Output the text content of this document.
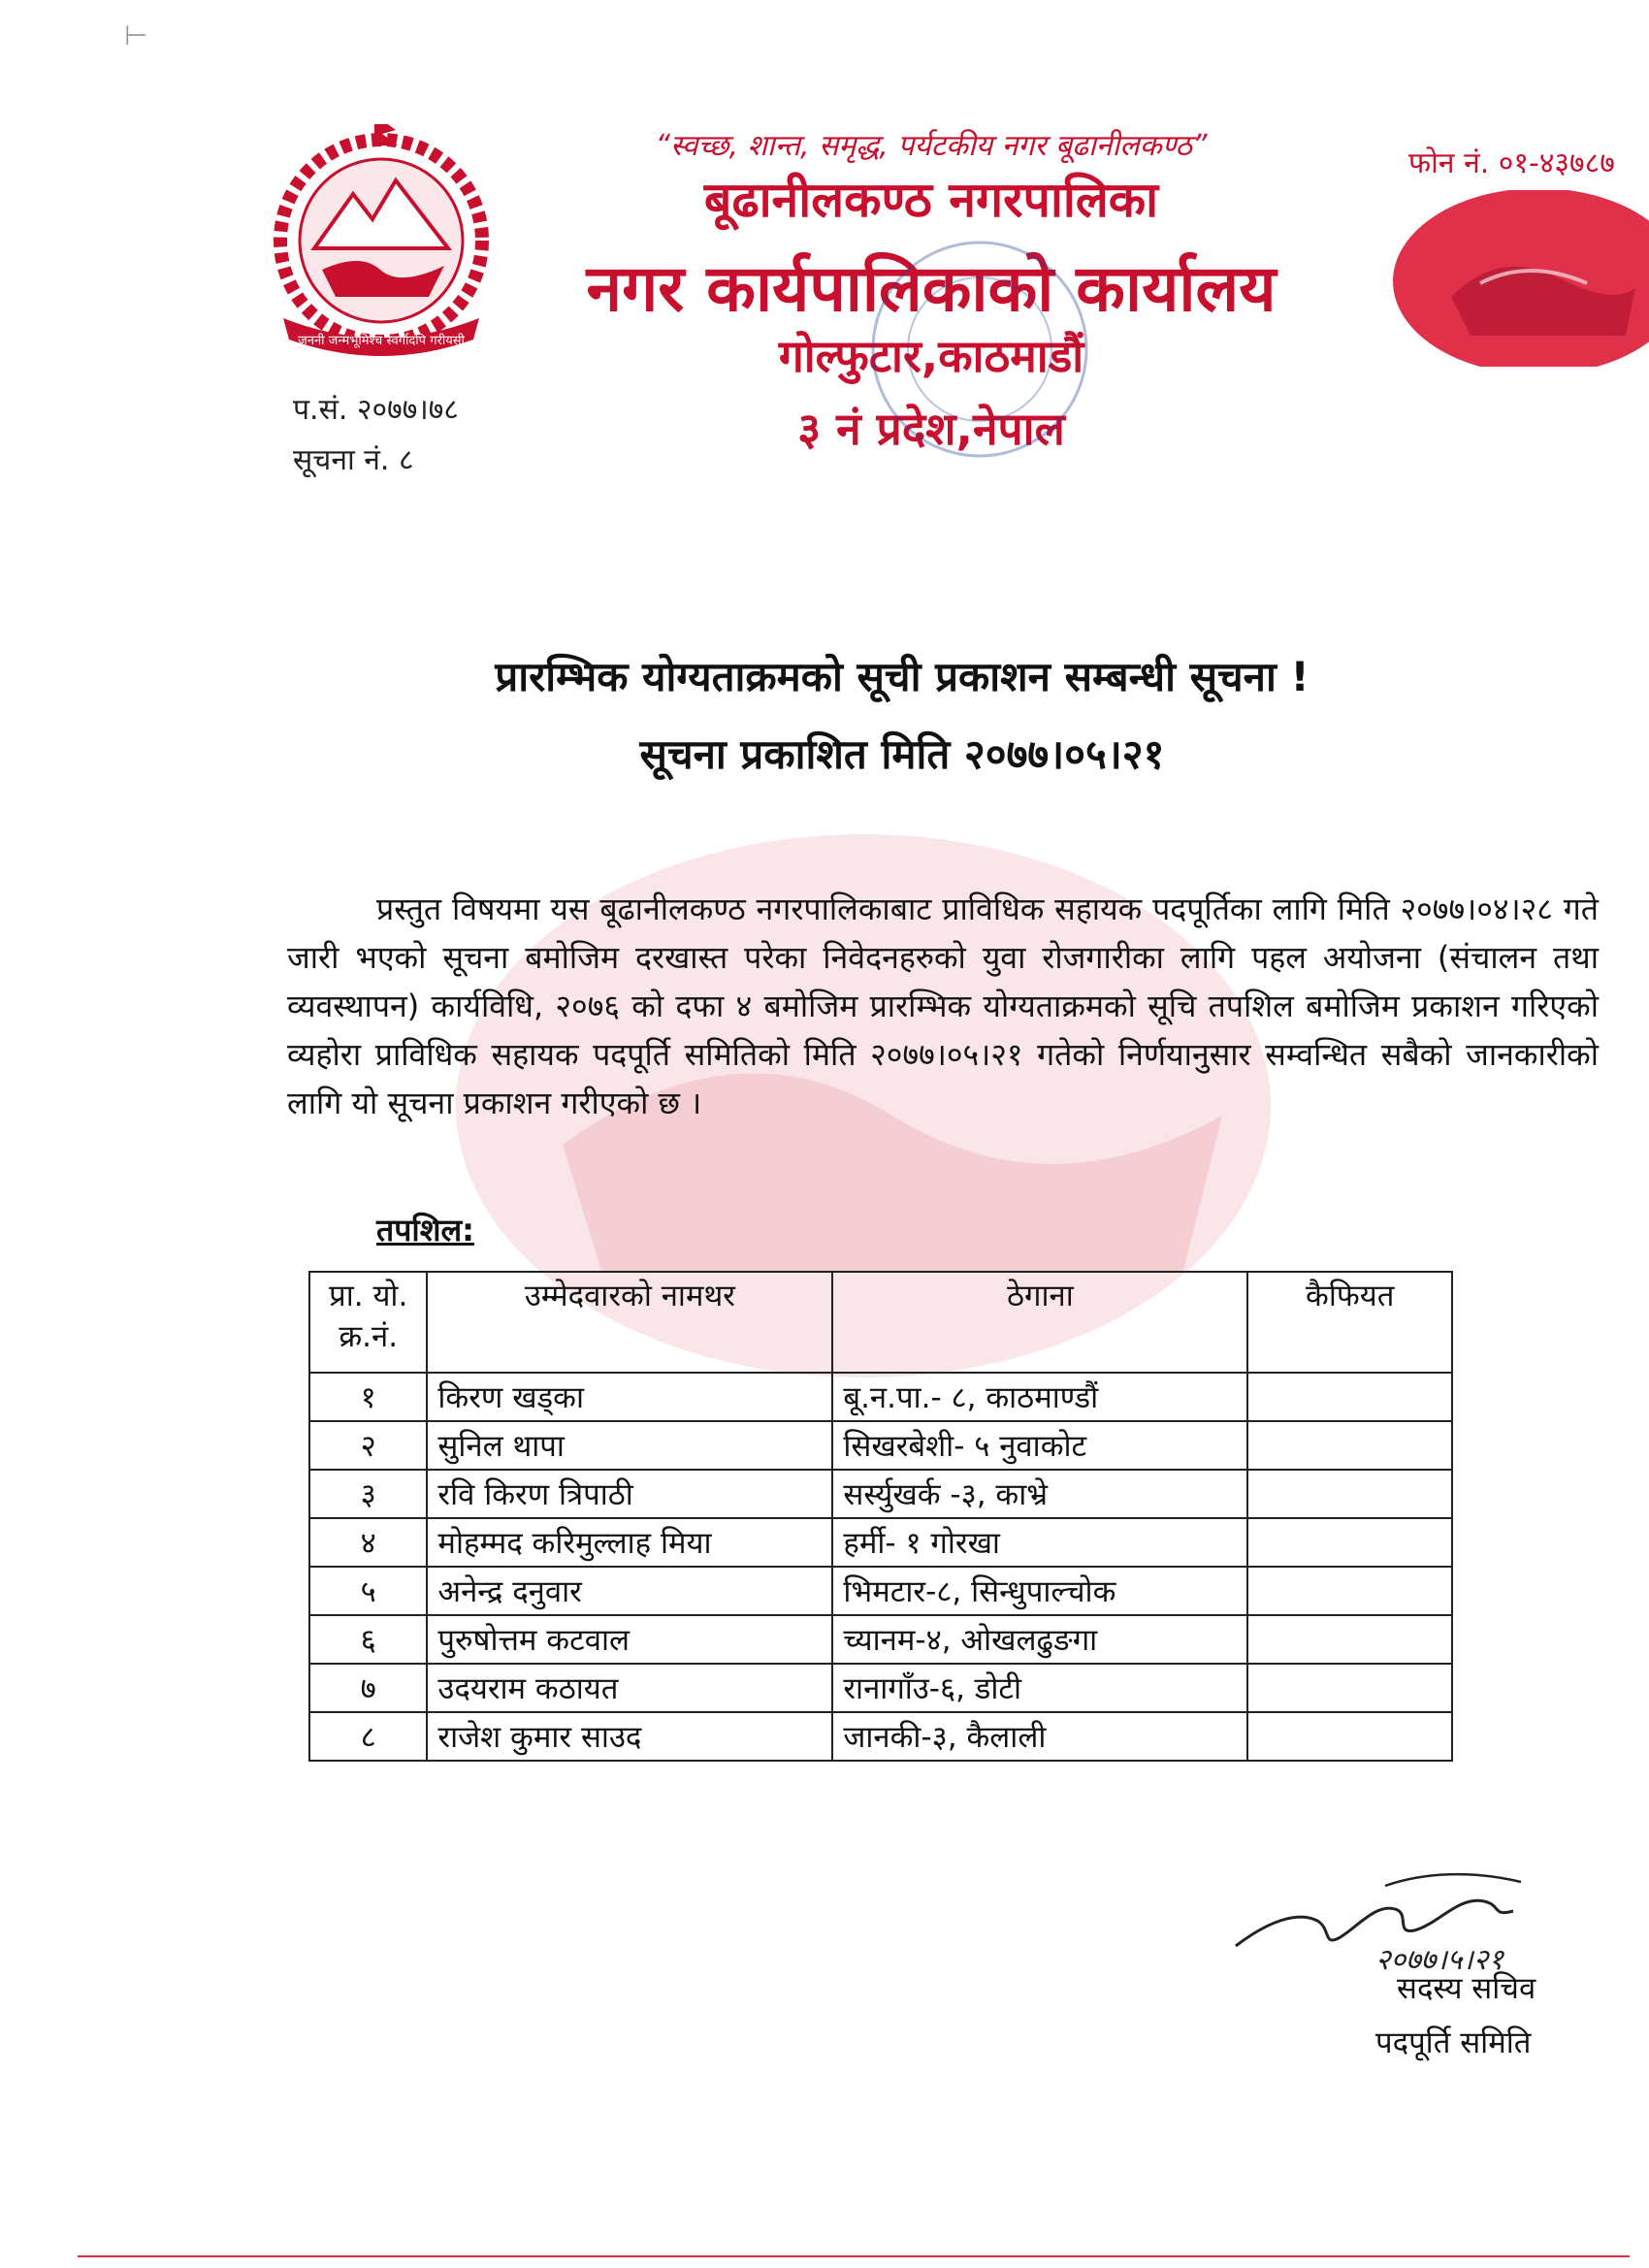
⊢
जननी जन्मभूमिश्च स्वर्गादपि गरीयसी
“स्वच्छ, शान्त, समृद्ध, पर्यटकीय नगर बूढानीलकण्ठ”
फोन नं. ०१-४३७८७
बूढानीलकण्ठ नगरपालिका
नगर कार्यपालिकाको कार्यालय
गोल्फुटार,काठमाडौं
३ नं प्रदेश,नेपाल
प.सं. २०७७।७८
सूचना नं. ८
प्रारम्भिक योग्यताक्रमको सूची प्रकाशन सम्बन्धी सूचना !
सूचना प्रकाशित मिति २०७७।०५।२१

प्रस्तुत विषयमा यस बूढानीलकण्ठ नगरपालिकाबाट प्राविधिक सहायक पदपूर्तिका लागि मिति २०७७।०४।२८ गते जारी भएको सूचना बमोजिम दरखास्त परेका निवेदनहरुको युवा रोजगारीका लागि पहल अयोजना (संचालन तथा व्यवस्थापन) कार्यविधि, २०७६ को दफा ४ बमोजिम प्रारम्भिक योग्यताक्रमको सूचि तपशिल बमोजिम प्रकाशन गरिएको व्यहोरा प्राविधिक सहायक पदपूर्ति समितिको मिति २०७७।०५।२१ गतेको निर्णयानुसार सम्वन्धित सबैको जानकारीको लागि यो सूचना प्रकाशन गरीएको छ ।

तपशिल:
प्रा. यो. क्र.नं.	उम्मेदवारको नामथर	ठेगाना	कैफियत
१	किरण खड्का	बू.न.पा.- ८, काठमाण्डौं	
२	सुनिल थापा	सिखरबेशी- ५ नुवाकोट	
३	रवि किरण त्रिपाठी	सर्स्युखर्क -३, काभ्रे	
४	मोहम्मद करिमुल्लाह मिया	हर्मी- १ गोरखा	
५	अनेन्द्र दनुवार	भिमटार-८, सिन्धुपाल्चोक	
६	पुरुषोत्तम कटवाल	च्यानम-४, ओखलढुङगा	
७	उदयराम कठायत	रानागाँउ-६, डोटी	
८	राजेश कुमार साउद	जानकी-३, कैलाली	
२०७७।५।२१
सदस्य सचिव
पदपूर्ति समिति
